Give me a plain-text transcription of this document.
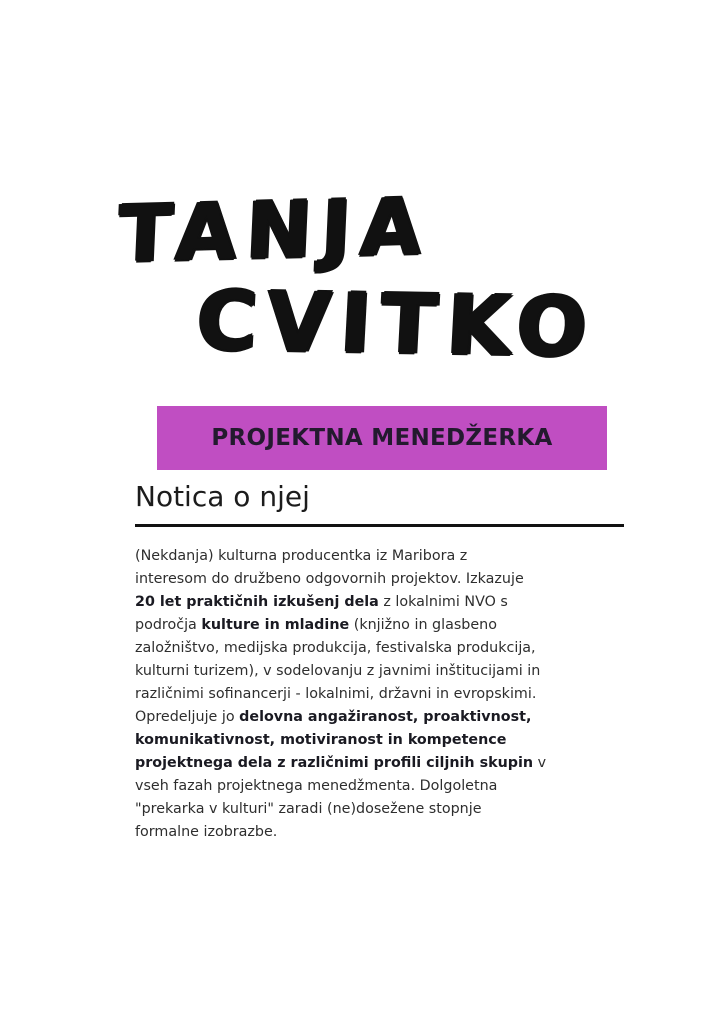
TANJA
CVITKO
PROJEKTNA MENEDŽERKA
Notica o njej
(Nekdanja) kulturna producentka iz Maribora z
interesom do družbeno odgovornih projektov. Izkazuje
20 let praktičnih izkušenj dela z lokalnimi NVO s
področja kulture in mladine (knjižno in glasbeno
založništvo, medijska produkcija, festivalska produkcija,
kulturni turizem), v sodelovanju z javnimi inštitucijami in
različnimi sofinancerji - lokalnimi, državni in evropskimi.
Opredeljuje jo delovna angažiranost, proaktivnost,
komunikativnost, motiviranost in kompetence
projektnega dela z različnimi profili ciljnih skupin v
vseh fazah projektnega menedžmenta. Dolgoletna
"prekarka v kulturi" zaradi (ne)dosežene stopnje
formalne izobrazbe.
